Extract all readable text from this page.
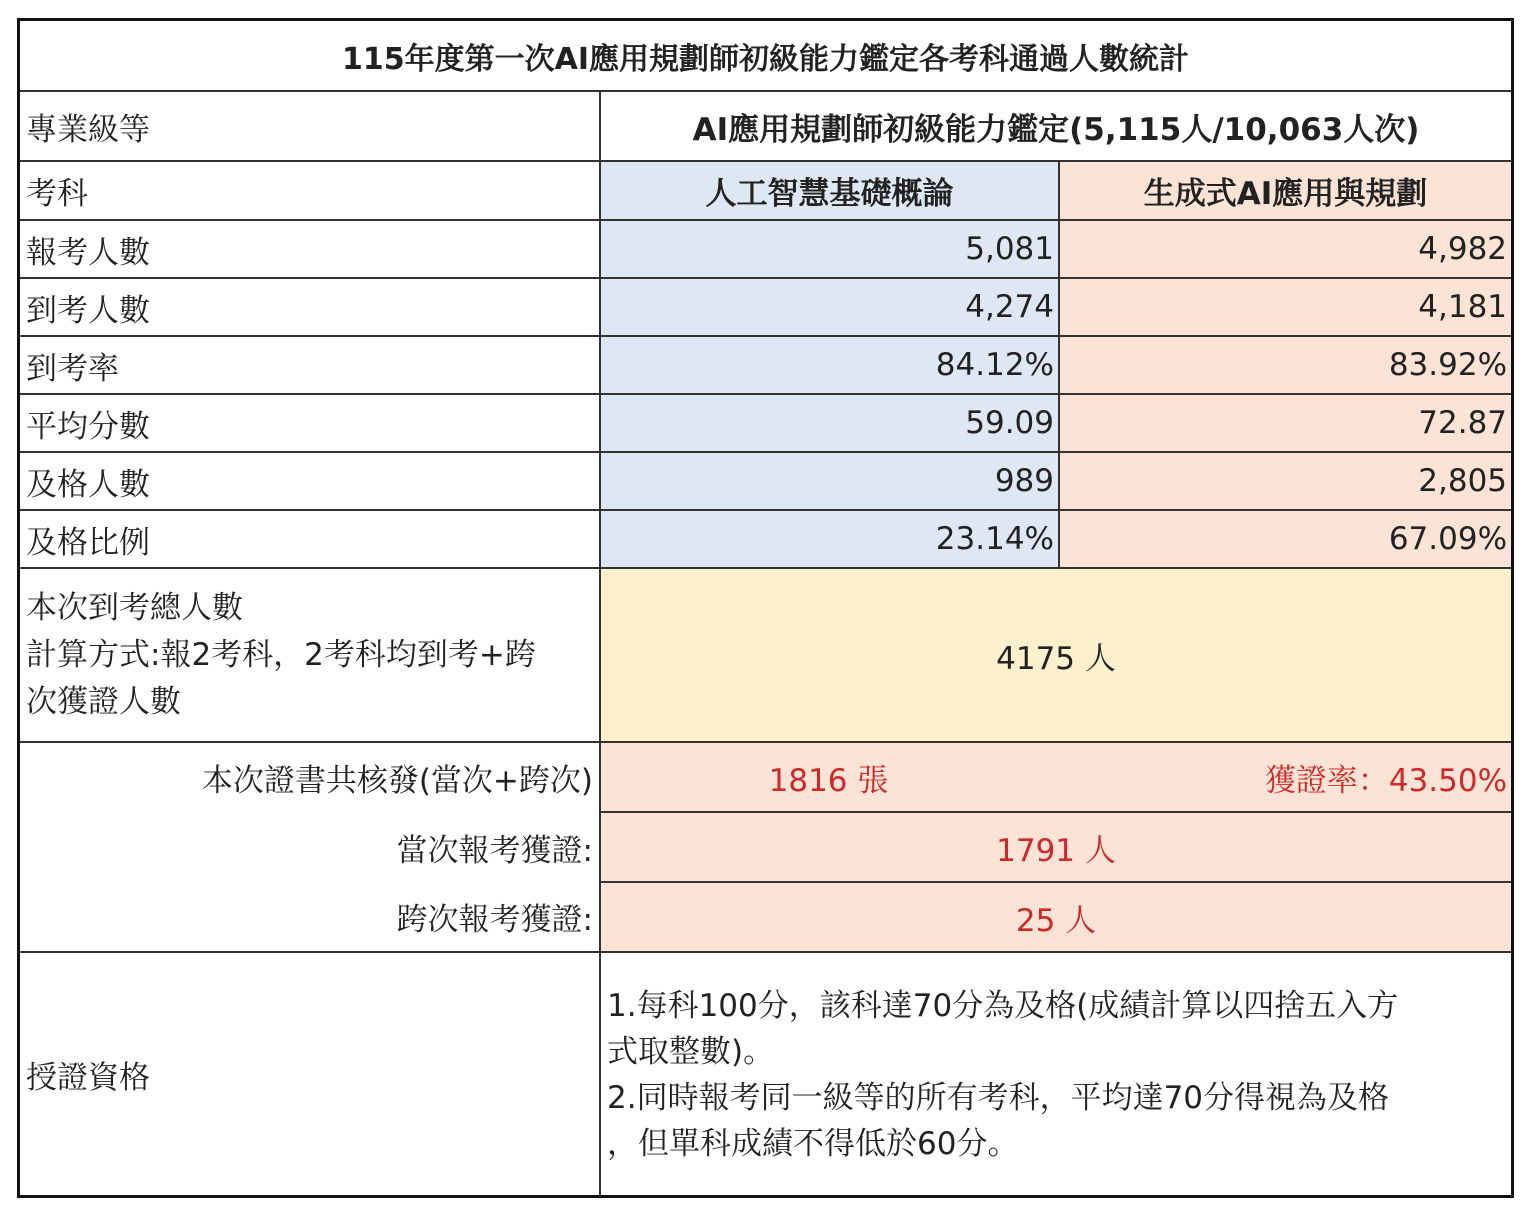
115年度第一次AI應用規劃師初級能力鑑定各考科通過人數統計		
專業級等	AI應用規劃師初級能力鑑定(5,115人/10,063人次)	
考科	人工智慧基礎概論	生成式AI應用與規劃
報考人數	5,081	4,982
到考人數	4,274	4,181
到考率	84.12%	83.92%
平均分數	59.09	72.87
及格人數	989	2,805
及格比例	23.14%	67.09%

本次到考總人數
計算方式:報2考科，2考科均到考+跨
次獲證人數	4175 人	
本次證書共核發(當次+跨次)	1816 張 獲證率：43.50%	

當次報考獲證:	1791 人	
跨次報考獲證:	25 人	
授證資格	1.每科100分，該科達70分為及格(成績計算以四捨五入方
式取整數)。
2.同時報考同一級等的所有考科，平均達70分得視為及格
，但單科成績不得低於60分。	
